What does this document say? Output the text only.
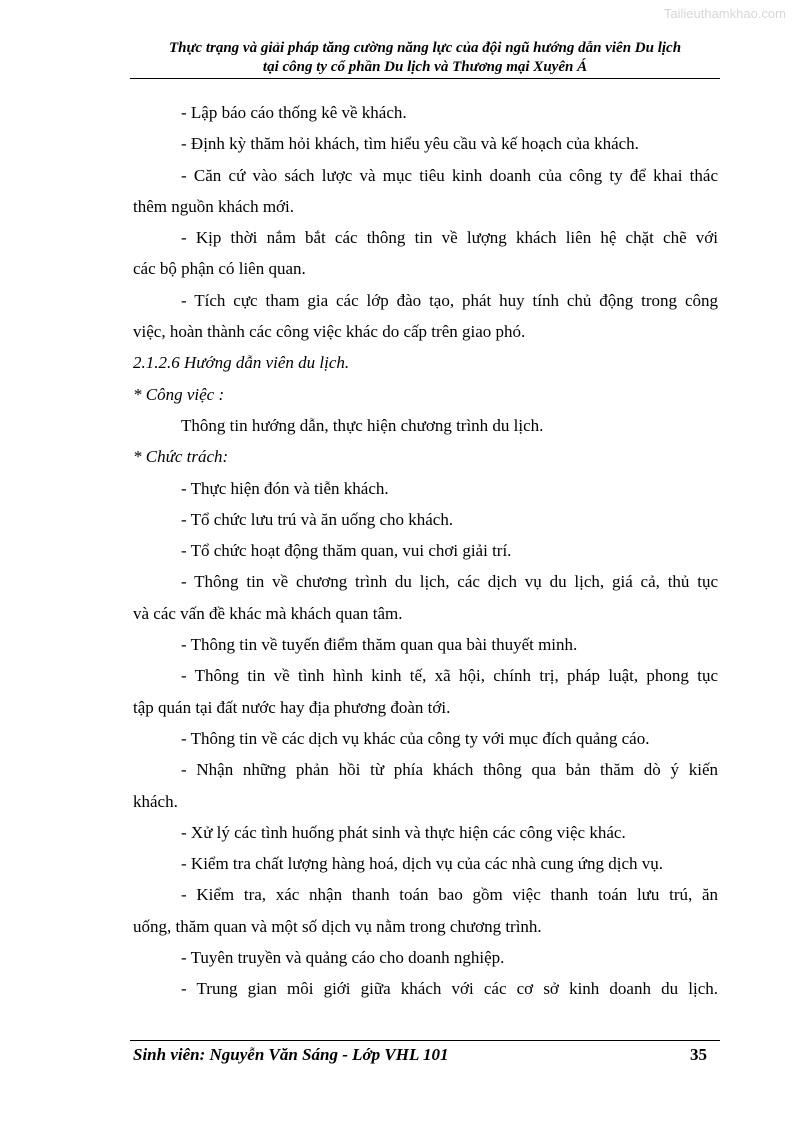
Tailieuthamkhao.com
Thực trạng và giải pháp tăng cường năng lực của đội ngũ hướng dẫn viên Du lịch
tại công ty cổ phần Du lịch và Thương mại Xuyên Á
- Lập báo cáo thống kê về khách.
- Định kỳ thăm hỏi khách, tìm hiểu yêu cầu và kế hoạch của khách.
- Căn cứ vào sách lược và mục tiêu kinh doanh của công ty để khai thác
thêm nguồn khách mới.
- Kịp thời nắm bắt các thông tin về lượng khách liên hệ chặt chẽ với
các bộ phận có liên quan.
- Tích cực tham gia các lớp đào tạo, phát huy tính chủ động trong công
việc, hoàn thành các công việc khác do cấp trên giao phó.
2.1.2.6 Hướng dẫn viên du lịch.
* Công việc :
Thông tin hướng dẫn, thực hiện chương trình du lịch.
* Chức trách:
- Thực hiện đón và tiễn khách.
- Tổ chức lưu trú và ăn uống cho khách.
- Tổ chức hoạt động thăm quan, vui chơi giải trí.
- Thông tin về chương trình du lịch, các dịch vụ du lịch, giá cả, thủ tục
và các vấn đề khác mà khách quan tâm.
- Thông tin về tuyến điểm thăm quan qua bài thuyết minh.
- Thông tin về tình hình kinh tế, xã hội, chính trị, pháp luật, phong tục
tập quán tại đất nước hay địa phương đoàn tới.
- Thông tin về các dịch vụ khác của công ty với mục đích quảng cáo.
- Nhận những phản hồi từ phía khách thông qua bản thăm dò ý kiến
khách.
- Xử lý các tình huống phát sinh và thực hiện các công việc khác.
- Kiểm tra chất lượng hàng hoá, dịch vụ của các nhà cung ứng dịch vụ.
- Kiểm tra, xác nhận thanh toán bao gồm việc thanh toán lưu trú, ăn
uống, thăm quan và một số dịch vụ nằm trong chương trình.
- Tuyên truyền và quảng cáo cho doanh nghiệp.
- Trung gian môi giới giữa khách với các cơ sở kinh doanh du lịch.
Sinh viên: Nguyễn Văn Sáng - Lớp VHL 101	35
